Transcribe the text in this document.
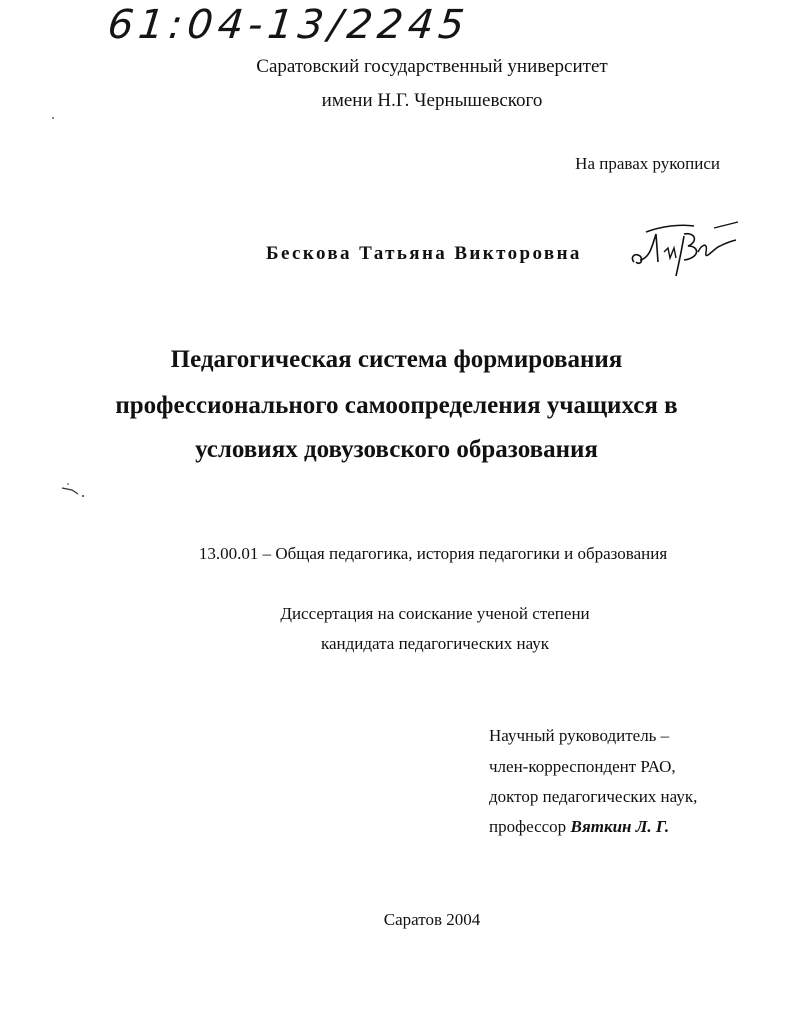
61:04-13/2245
Саратовский государственный университет
имени Н.Г. Чернышевского
На правах рукописи
Бескова Татьяна Викторовна
Педагогическая система формирования
профессионального самоопределения учащихся в
условиях довузовского образования
13.00.01 – Общая педагогика, история педагогики и образования
Диссертация на соискание ученой степени
кандидата педагогических наук
Научный руководитель –
член-корреспондент РАО,
доктор педагогических наук,
профессор Вяткин Л. Г.
Саратов 2004
